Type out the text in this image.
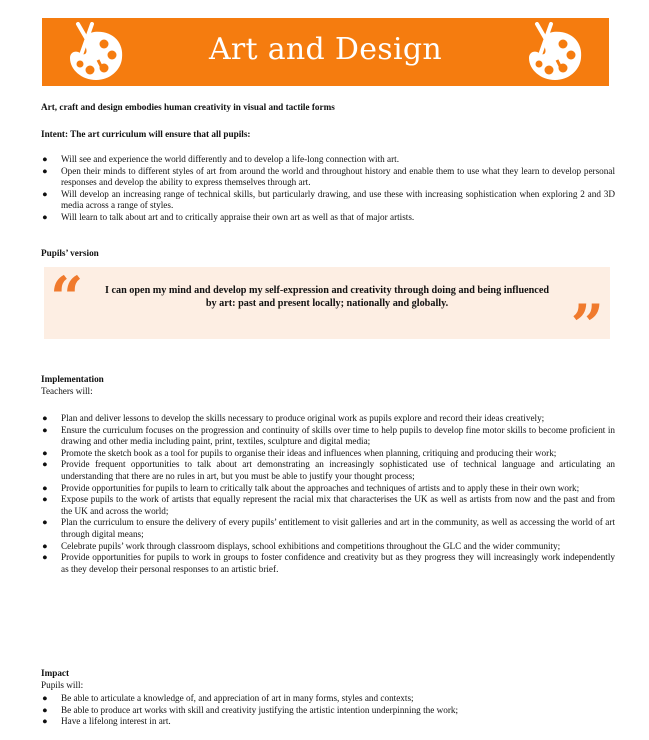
Art and Design
Art, craft and design embodies human creativity in visual and tactile forms
Intent: The art curriculum will ensure that all pupils:
● Will see and experience the world differently and to develop a life-long connection with art.
● Open their minds to different styles of art from around the world and throughout history and enable them to use what they learn to develop personal responses and develop the ability to express themselves through art.
● Will develop an increasing range of technical skills, but particularly drawing, and use these with increasing sophistication when exploring 2 and 3D media across a range of styles.
● Will learn to talk about art and to critically appraise their own art as well as that of major artists.
Pupils’ version
“ I can open my mind and develop my self-expression and creativity through doing and being influenced by art: past and present locally; nationally and globally.	”
Implementation
Teachers will:
● Plan and deliver lessons to develop the skills necessary to produce original work as pupils explore and record their ideas creatively;
● Ensure the curriculum focuses on the progression and continuity of skills over time to help pupils to develop fine motor skills to become proficient in drawing and other media including paint, print, textiles, sculpture and digital media;
● Promote the sketch book as a tool for pupils to organise their ideas and influences when planning, critiquing and producing their work;
● Provide frequent opportunities to talk about art demonstrating an increasingly sophisticated use of technical language and articulating an understanding that there are no rules in art, but you must be able to justify your thought process;
● Provide opportunities for pupils to learn to critically talk about the approaches and techniques of artists and to apply these in their own work;
● Expose pupils to the work of artists that equally represent the racial mix that characterises the UK as well as artists from now and the past and from the UK and across the world;
● Plan the curriculum to ensure the delivery of every pupils’ entitlement to visit galleries and art in the community, as well as accessing the world of art through digital means;
● Celebrate pupils’ work through classroom displays, school exhibitions and competitions throughout the GLC and the wider community;
● Provide opportunities for pupils to work in groups to foster confidence and creativity but as they progress they will increasingly work independently as they develop their personal responses to an artistic brief.
Impact
Pupils will:
● Be able to articulate a knowledge of, and appreciation of art in many forms, styles and contexts;
● Be able to produce art works with skill and creativity justifying the artistic intention underpinning the work;
● Have a lifelong interest in art.
